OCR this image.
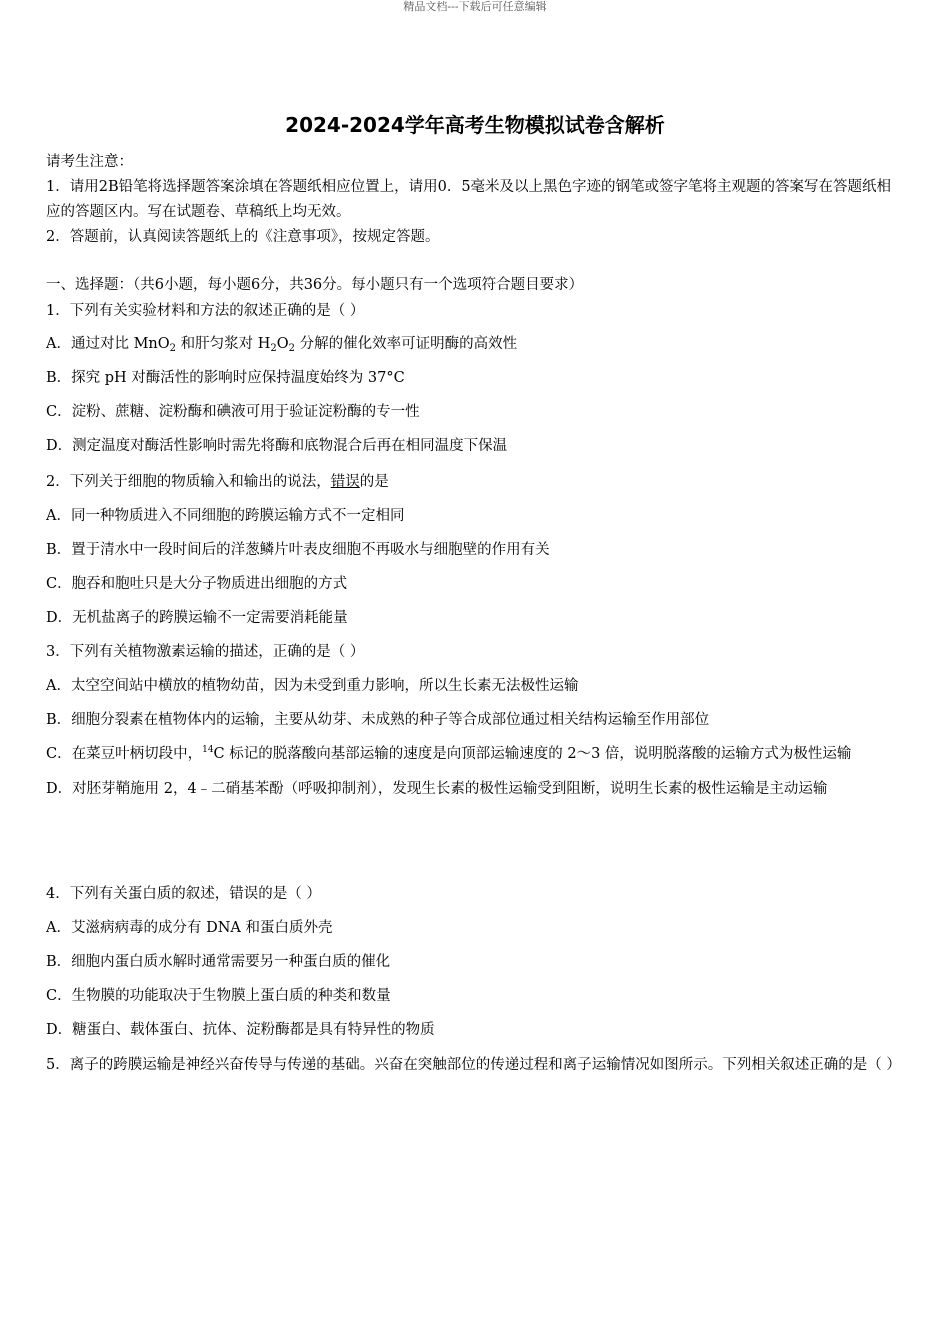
精品文档---下载后可任意编辑
2024-2024学年高考生物模拟试卷含解析
请考生注意：
1．请用2B铅笔将选择题答案涂填在答题纸相应位置上，请用0．5毫米及以上黑色字迹的钢笔或签字笔将主观题的答案写在答题纸相应的答题区内。写在试题卷、草稿纸上均无效。
2．答题前，认真阅读答题纸上的《注意事项》，按规定答题。
一、选择题：（共6小题，每小题6分，共36分。每小题只有一个选项符合题目要求）
1．下列有关实验材料和方法的叙述正确的是（ ）
A．通过对比 MnO$_2$ 和肝匀浆对 $H_2O_2$ 分解的催化效率可证明酶的高效性
B．探究 pH 对酶活性的影响时应保持温度始终为 37°C
C．淀粉、蔗糖、淀粉酶和碘液可用于验证淀粉酶的专一性
D．测定温度对酶活性影响时需先将酶和底物混合后再在相同温度下保温
2．下列关于细胞的物质输入和输出的说法，错误的是
A．同一种物质进入不同细胞的跨膜运输方式不一定相同
B．置于清水中一段时间后的洋葱鳞片叶表皮细胞不再吸水与细胞壁的作用有关
C．胞吞和胞吐只是大分子物质进出细胞的方式
D．无机盐离子的跨膜运输不一定需要消耗能量
3．下列有关植物激素运输的描述，正确的是（ ）
A．太空空间站中横放的植物幼苗，因为未受到重力影响，所以生长素无法极性运输
B．细胞分裂素在植物体内的运输，主要从幼芽、未成熟的种子等合成部位通过相关结构运输至作用部位
C．在菜豆叶柄切段中，$^{14}$C 标记的脱落酸向基部运输的速度是向顶部运输速度的 2～3 倍，说明脱落酸的运输方式为极性运输
D．对胚芽鞘施用 2，4﹣二硝基苯酚（呼吸抑制剂），发现生长素的极性运输受到阻断，说明生长素的极性运输是主动运输
4．下列有关蛋白质的叙述，错误的是（ ）
A．艾滋病病毒的成分有 DNA 和蛋白质外壳
B．细胞内蛋白质水解时通常需要另一种蛋白质的催化
C．生物膜的功能取决于生物膜上蛋白质的种类和数量
D．糖蛋白、载体蛋白、抗体、淀粉酶都是具有特异性的物质
5．离子的跨膜运输是神经兴奋传导与传递的基础。兴奋在突触部位的传递过程和离子运输情况如图所示。下列相关叙述正确的是（ ）
